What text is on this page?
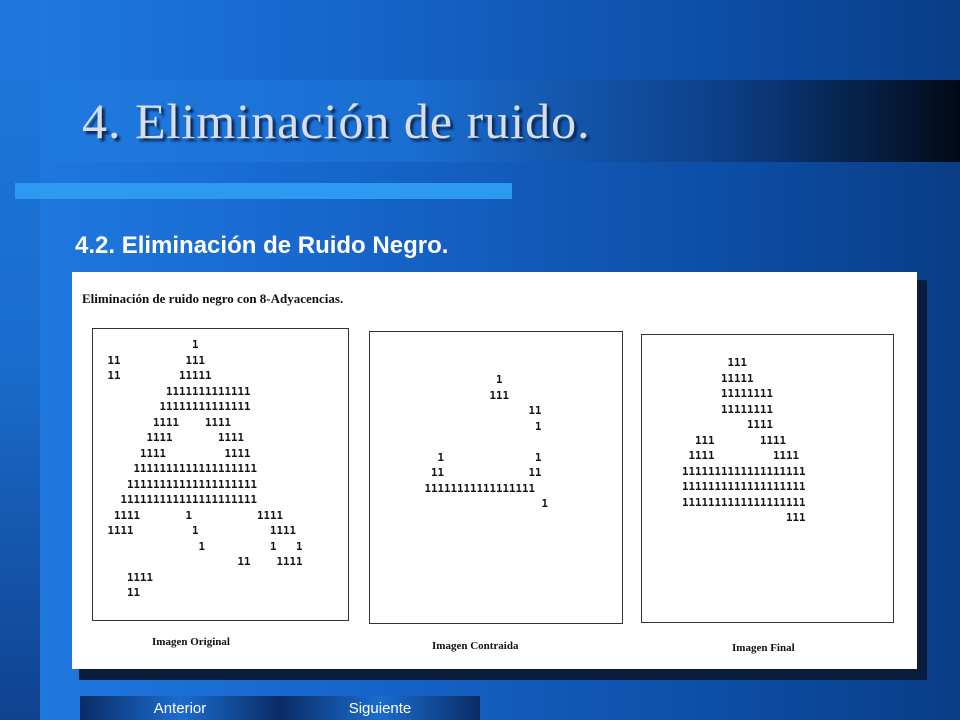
4. Eliminación de ruido.
4.2. Eliminación de Ruido Negro.
Eliminación de ruido negro con 8-Adyacencias.
1
11          111
11         11111
1111111111111
11111111111111
1111    1111
1111       1111
1111         1111
1111111111111111111
11111111111111111111
111111111111111111111
1111       1          1111
1111         1           1111
1          1   1
11    1111
1111
11
1
111
11
1

1              1
11             11
11111111111111111
1
111
11111
11111111
11111111
1111
111       1111
1111         1111
1111111111111111111
1111111111111111111
1111111111111111111
111
Imagen Original	Imagen Contraida	Imagen Final
Anterior	Siguiente
